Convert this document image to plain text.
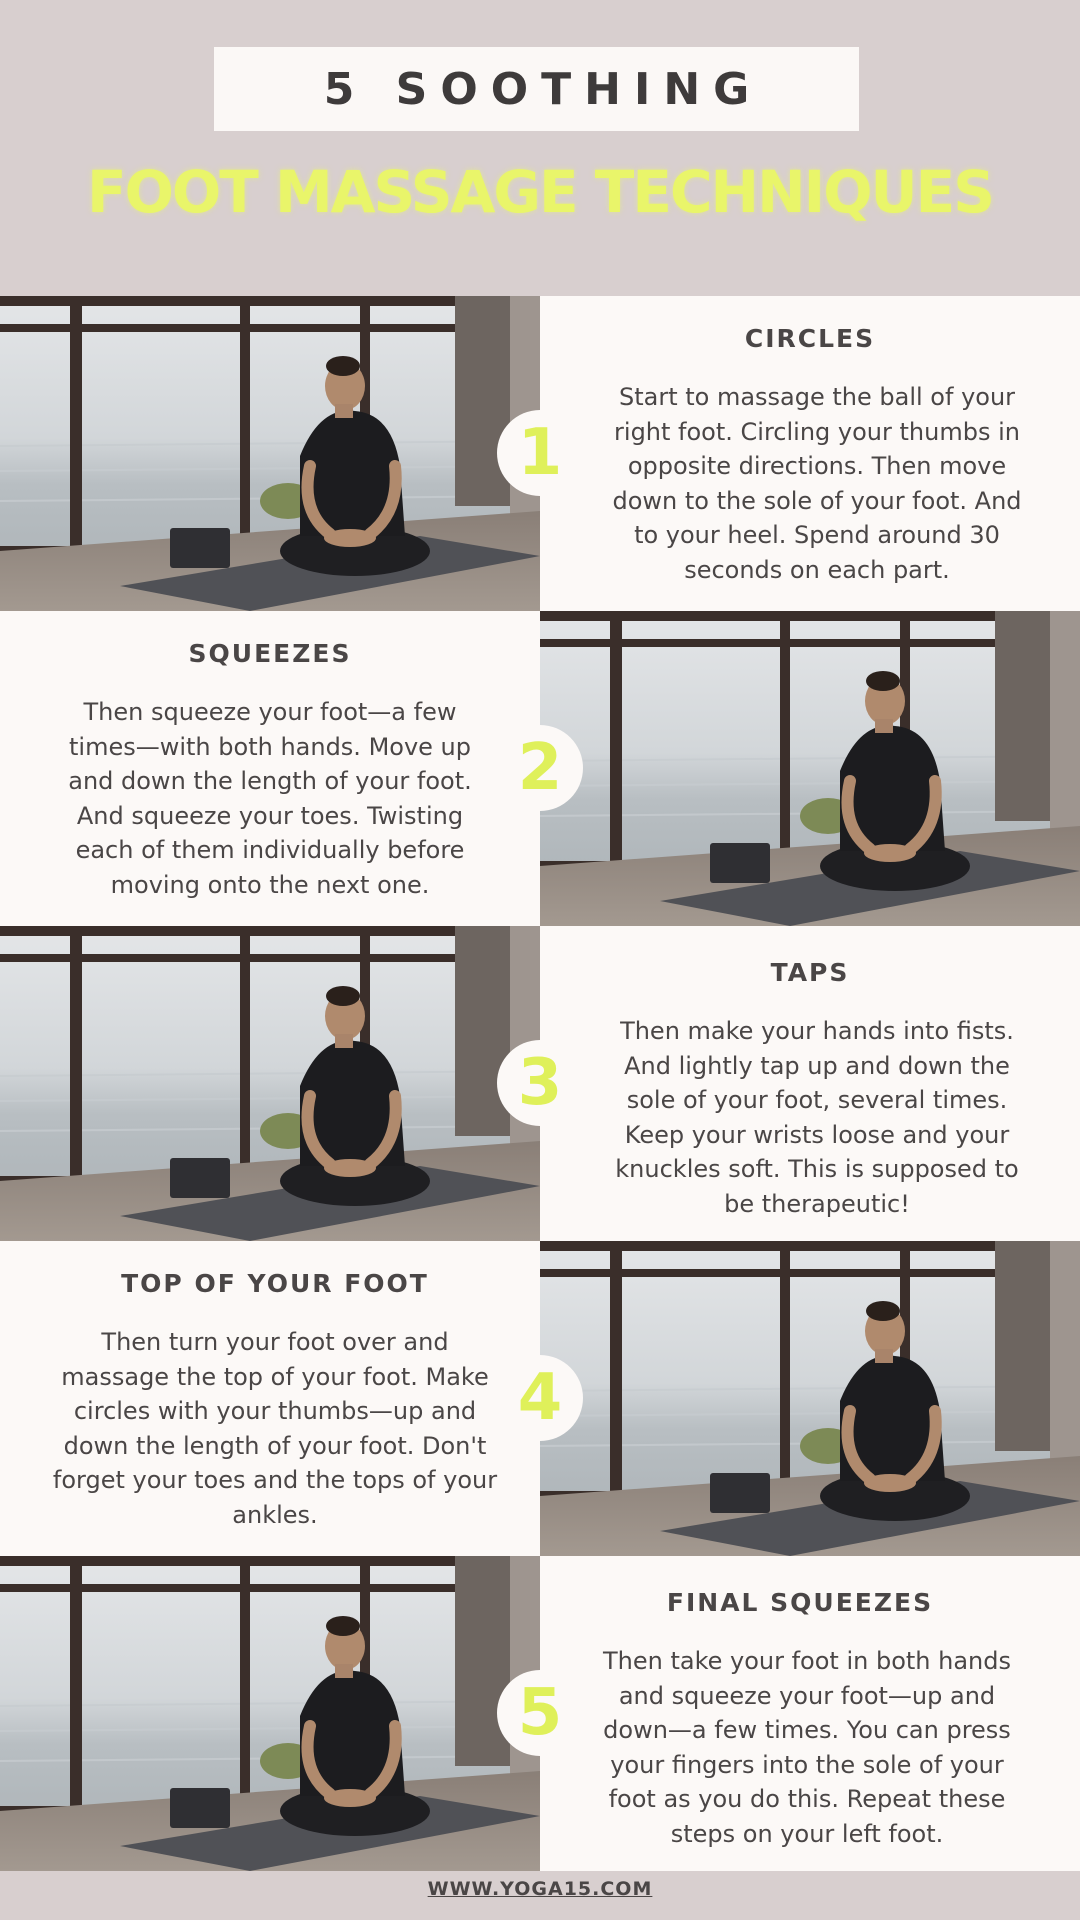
5 SOOTHING
FOOT MASSAGE TECHNIQUES
CIRCLES
Start to massage the ball of your right foot. Circling your thumbs in opposite directions. Then move down to the sole of your foot. And to your heel. Spend around 30 seconds on each part.
1
SQUEEZES
Then squeeze your foot—a few times—with both hands. Move up and down the length of your foot. And squeeze your toes. Twisting each of them individually before moving onto the next one.
2
TAPS
Then make your hands into fists. And lightly tap up and down the sole of your foot, several times. Keep your wrists loose and your knuckles soft. This is supposed to be therapeutic!
3
TOP OF YOUR FOOT
Then turn your foot over and massage the top of your foot. Make circles with your thumbs—up and down the length of your foot. Don't forget your toes and the tops of your ankles.
4
FINAL SQUEEZES
Then take your foot in both hands and squeeze your foot—up and down—a few times. You can press your fingers into the sole of your foot as you do this. Repeat these steps on your left foot.
5
WWW.YOGA15.COM
